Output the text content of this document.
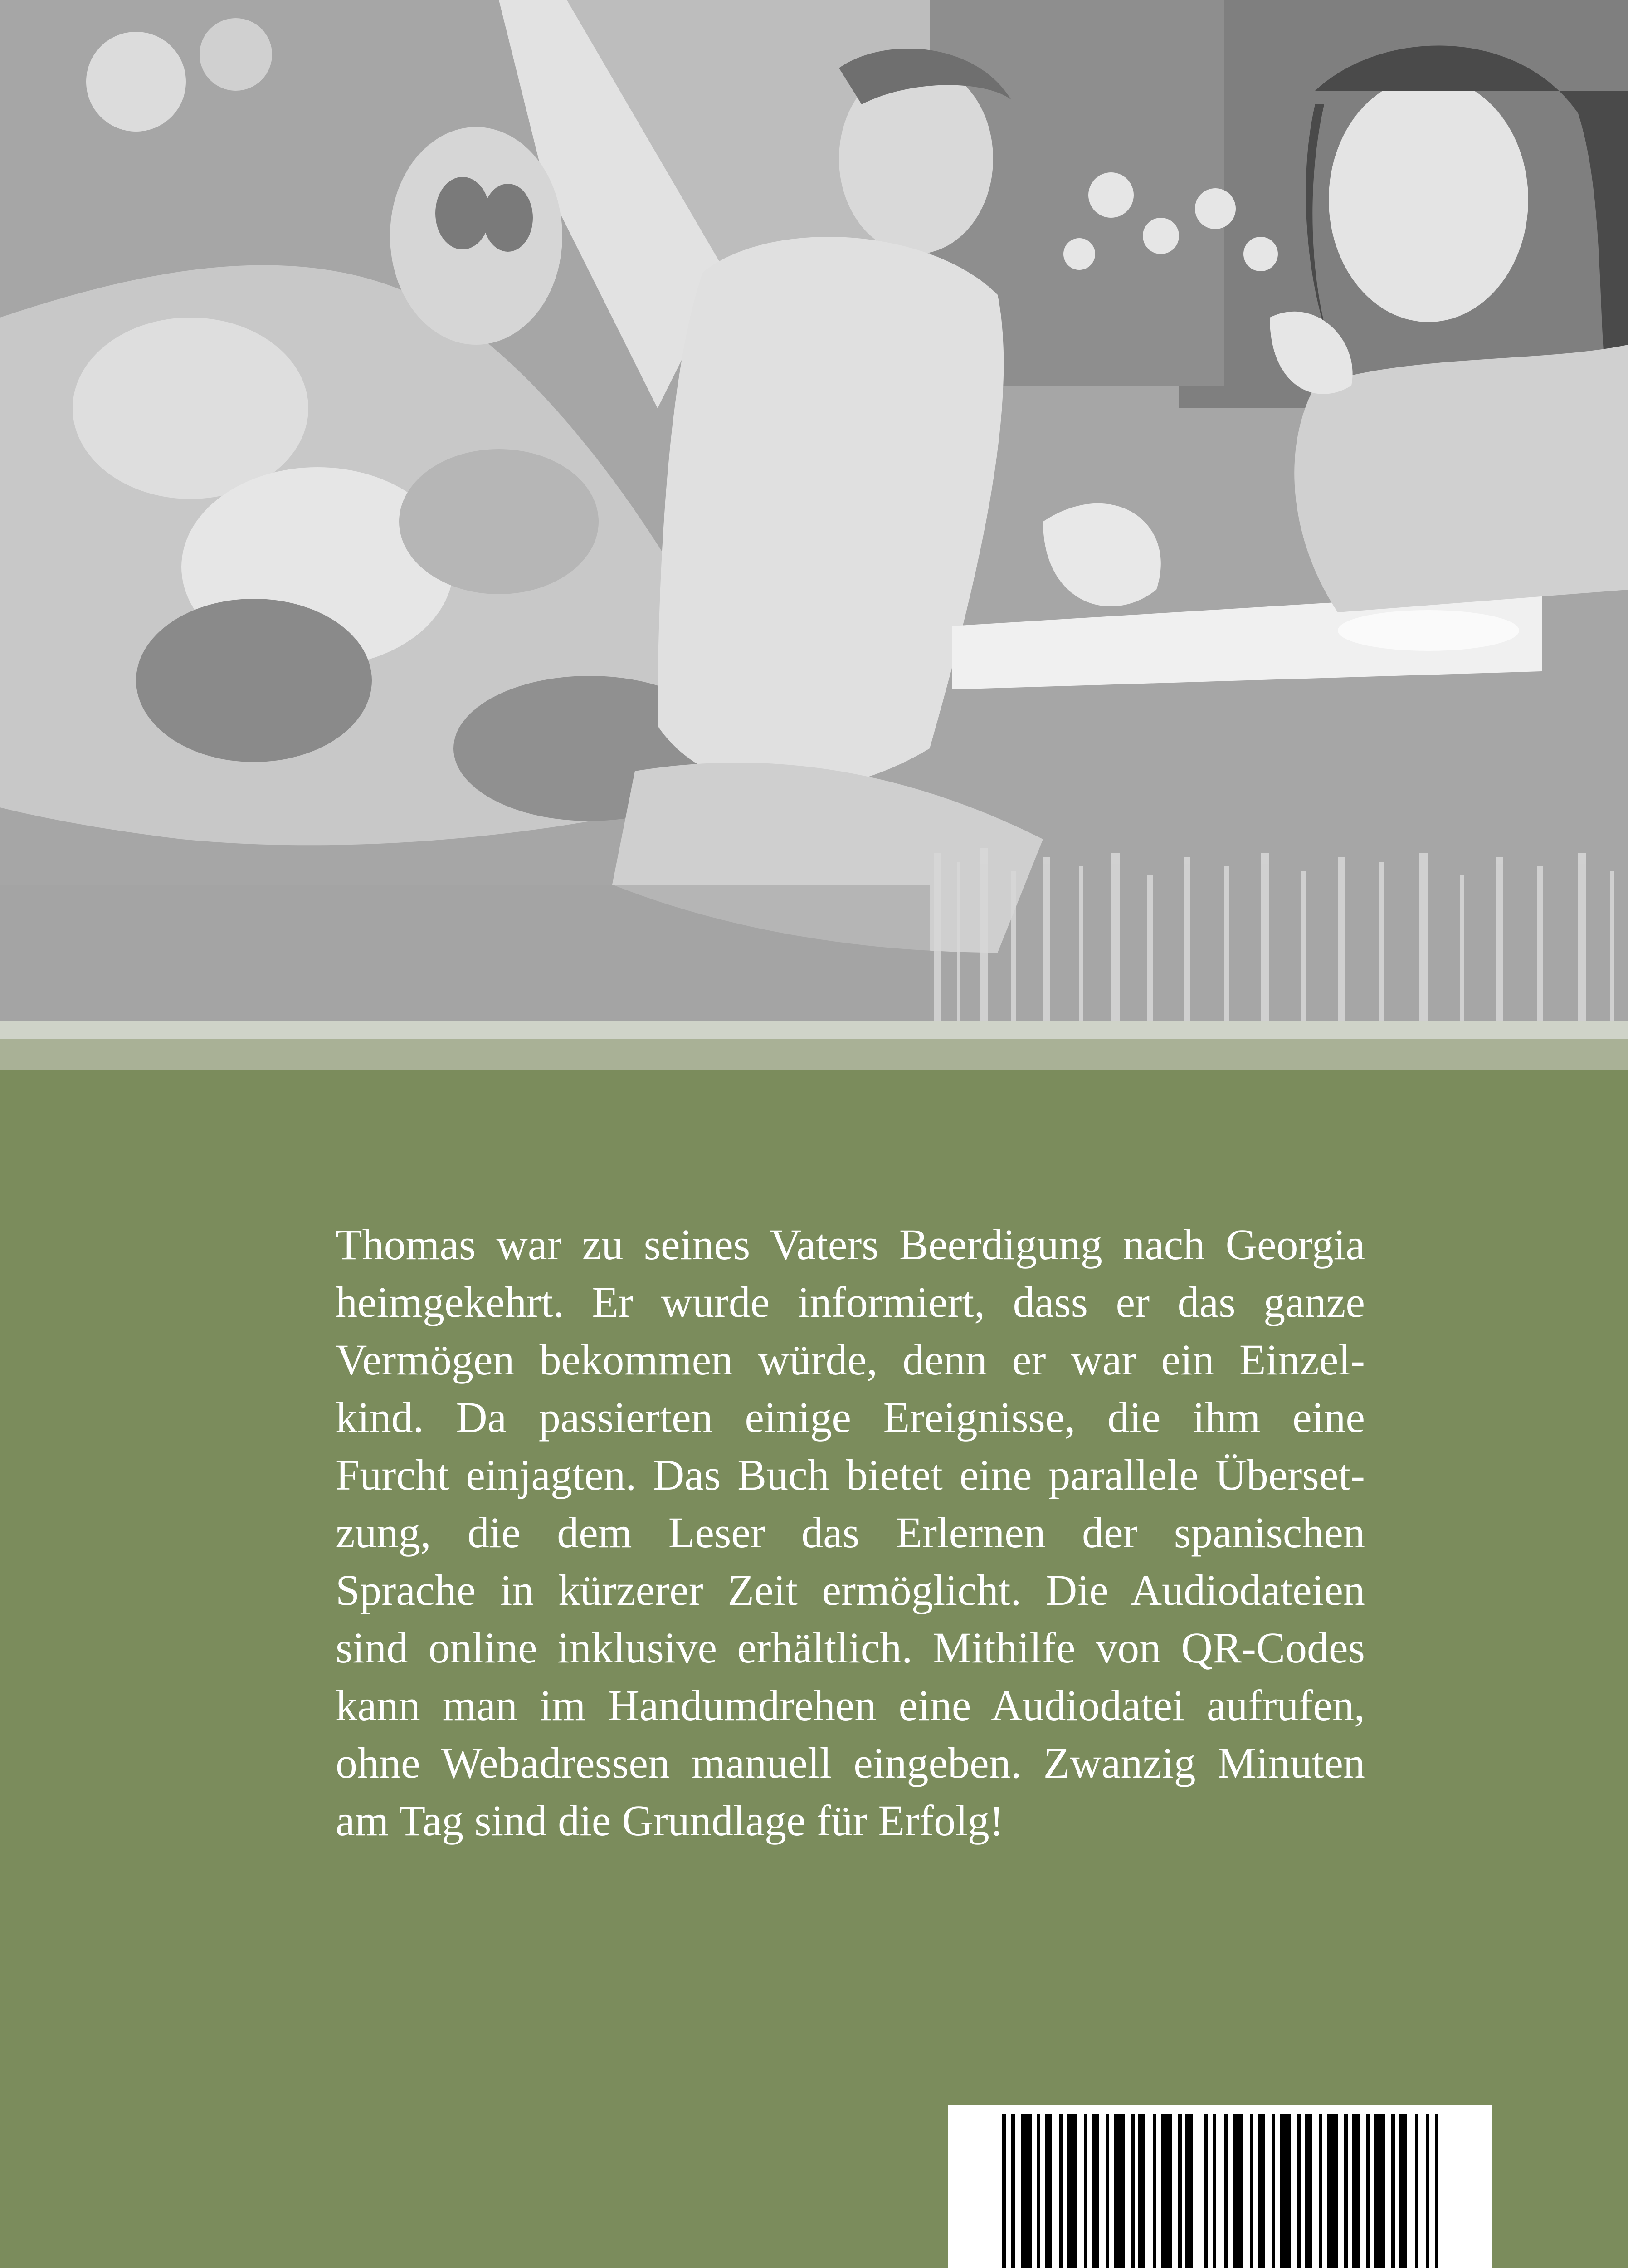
Thomas war zu seines Vaters Beerdigung nach Georgia
heimgekehrt. Er wurde informiert, dass er das ganze
Vermögen bekommen würde, denn er war ein Einzel-
kind. Da passierten einige Ereignisse, die ihm eine
Furcht einjagten. Das Buch bietet eine parallele Überset-
zung, die dem Leser das Erlernen der spanischen
Sprache in kürzerer Zeit ermöglicht. Die Audiodateien
sind online inklusive erhältlich. Mithilfe von QR-Codes
kann man im Handumdrehen eine Audiodatei aufrufen,
ohne Webadressen manuell eingeben. Zwanzig Minuten
am Tag sind die Grundlage für Erfolg!
